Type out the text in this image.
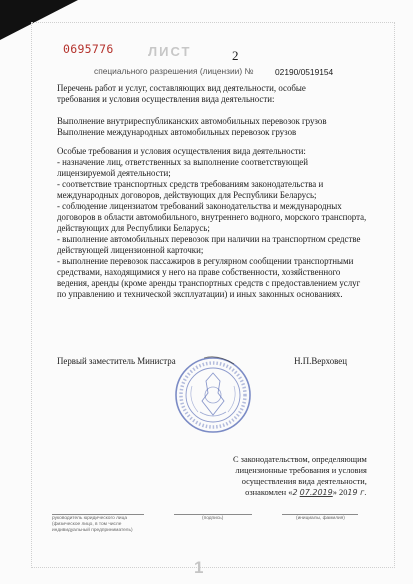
0695776	ЛИСТ	2
специального разрешения (лицензии) №	02190/0519154
Перечень работ и услуг, составляющих вид деятельности, особые
требования и условия осуществления вида деятельности:
Выполнение внутриреспубликанских автомобильных перевозок грузов
Выполнение международных автомобильных перевозок грузов
Особые требования и условия осуществления вида деятельности:
- назначение лиц, ответственных за выполнение соответствующей
лицензируемой деятельности;
- соответствие транспортных средств требованиям законодательства и
международных договоров, действующих для Республики Беларусь;
- соблюдение лицензиатом требований законодательства и международных
договоров в области автомобильного, внутреннего водного, морского транспорта,
действующих для Республики Беларусь;
- выполнение автомобильных перевозок при наличии на транспортном средстве
действующей лицензионной карточки;
- выполнение перевозок пассажиров в регулярном сообщении транспортными
средствами, находящимися у него на праве собственности, хозяйственного
ведения, аренды (кроме аренды транспортных средств с предоставлением услуг
по управлению и технической эксплуатации) и иных законных основаниях.
Первый заместитель Министра	Н.П.Верховец
С законодательством, определяющим
лицензионные требования и условия
осуществления вида деятельности,
ознакомлен «2 07.2019» 2019 г.
руководитель юридического лица
(физическое лицо, в том числе
индивидуальный предприниматель)
(подпись)	(инициалы, фамилия)
1
